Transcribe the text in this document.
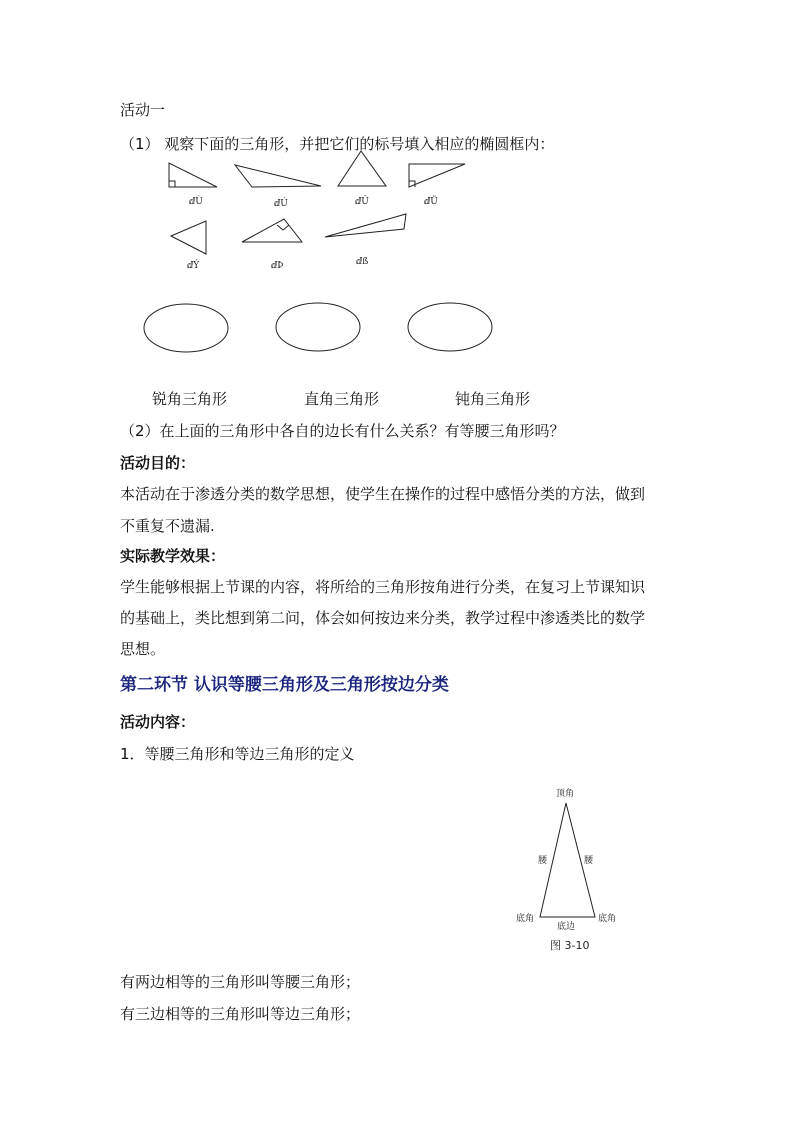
活动一
（1） 观察下面的三角形，并把它们的标号填入相应的椭圆框内：
ⅆÙ	ⅆÚ	ⅆÛ	ⅆÜ
ⅆÝ	ⅆÞ	ⅆß
锐角三角形	直角三角形	钝角三角形
（2）在上面的三角形中各自的边长有什么关系？有等腰三角形吗？
活动目的：
本活动在于渗透分类的数学思想，使学生在操作的过程中感悟分类的方法，做到
不重复不遗漏.
实际教学效果：
学生能够根据上节课的内容，将所给的三角形按角进行分类，在复习上节课知识
的基础上，类比想到第二问，体会如何按边来分类，教学过程中渗透类比的数学
思想。
第二环节 认识等腰三角形及三角形按边分类
活动内容：
1．等腰三角形和等边三角形的定义
顶角
腰	腰
底角
底边
底角
图 3-10
有两边相等的三角形叫等腰三角形；
有三边相等的三角形叫等边三角形；
